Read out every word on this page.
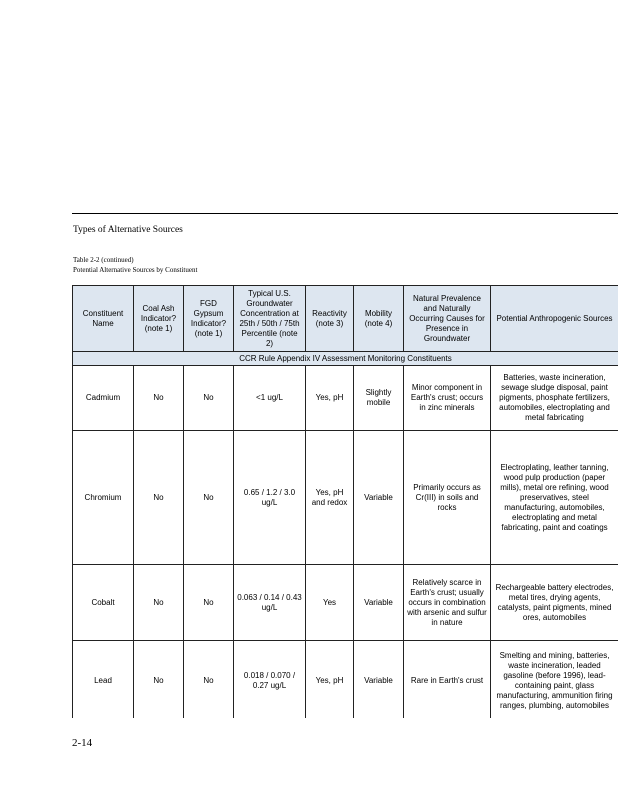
Types of Alternative Sources
Table 2-2 (continued)
Potential Alternative Sources by Constituent
Constituent Name	Coal Ash Indicator? (note 1)	FGD Gypsum Indicator? (note 1)	Typical U.S. Groundwater Concentration at 25th / 50th / 75th Percentile (note 2)	Reactivity (note 3)	Mobility (note 4)	Natural Prevalence and Naturally Occurring Causes for Presence in Groundwater	Potential Anthropogenic Sources
CCR Rule Appendix IV Assessment Monitoring Constituents							
Cadmium	No	No	<1 ug/L	Yes, pH	Slightly mobile	Minor component in Earth's crust; occurs in zinc minerals	Batteries, waste incineration, sewage sludge disposal, paint pigments, phosphate fertilizers, automobiles, electroplating and metal fabricating
Chromium	No	No	0.65 / 1.2 / 3.0 ug/L	Yes, pH and redox	Variable	Primarily occurs as Cr(III) in soils and rocks	Electroplating, leather tanning, wood pulp production (paper mills), metal ore refining, wood preservatives, steel manufacturing, automobiles, electroplating and metal fabricating, paint and coatings
Cobalt	No	No	0.063 / 0.14 / 0.43 ug/L	Yes	Variable	Relatively scarce in Earth's crust; usually occurs in combination with arsenic and sulfur in nature	Rechargeable battery electrodes, metal tires, drying agents, catalysts, paint pigments, mined ores, automobiles
Lead	No	No	0.018 / 0.070 / 0.27 ug/L	Yes, pH	Variable	Rare in Earth's crust	Smelting and mining, batteries, waste incineration, leaded gasoline (before 1996), lead-containing paint, glass manufacturing, ammunition firing ranges, plumbing, automobiles
2-14
